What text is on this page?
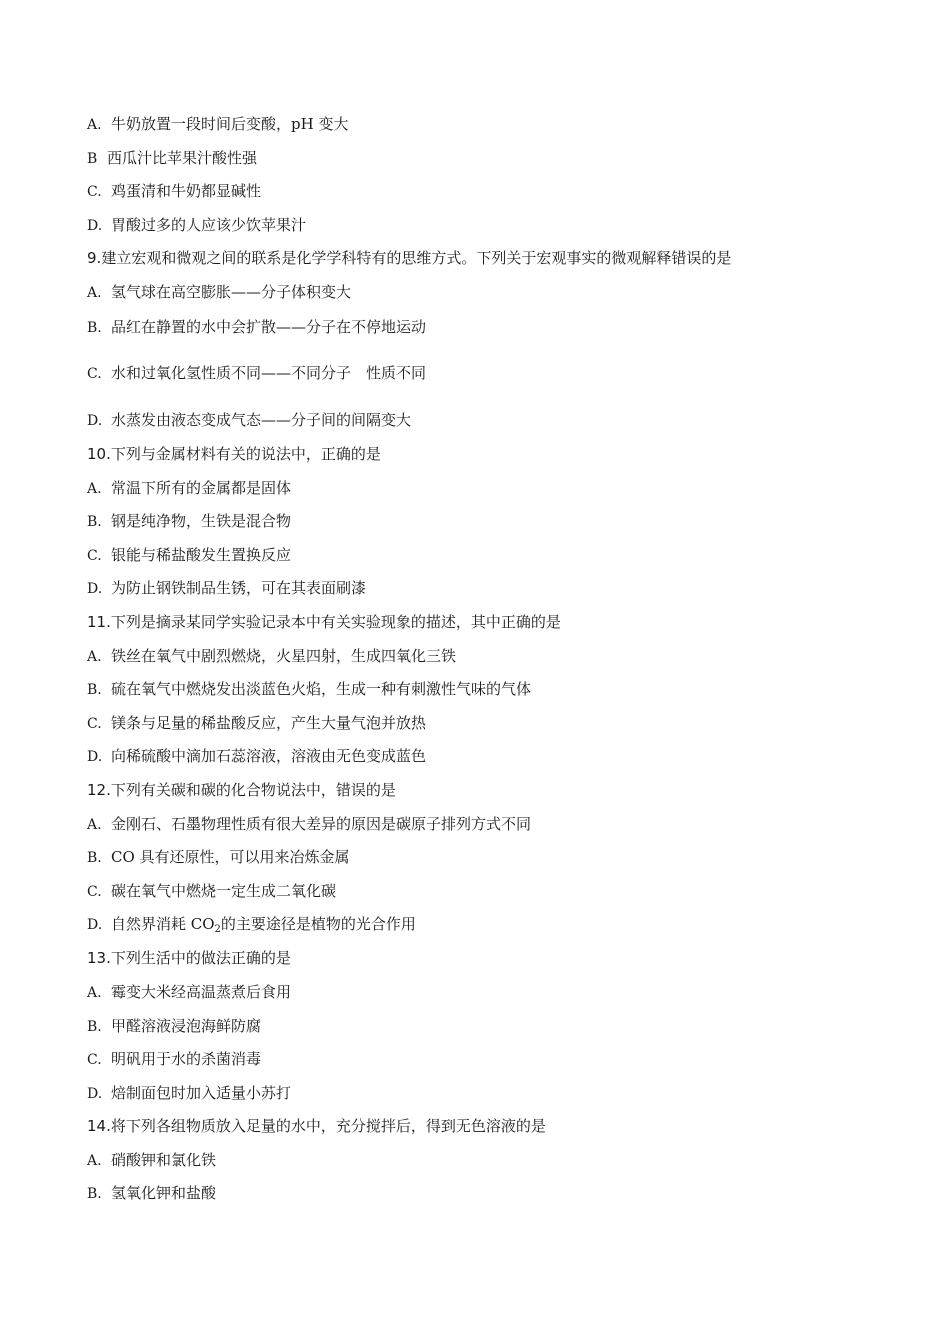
A. 牛奶放置一段时间后变酸，pH 变大
B 西瓜汁比苹果汁酸性强
C. 鸡蛋清和牛奶都显碱性
D. 胃酸过多的人应该少饮苹果汁
9.建立宏观和微观之间的联系是化学学科特有的思维方式。下列关于宏观事实的微观解释错误的是
A. 氢气球在高空膨胀——分子体积变大
B. 品红在静置的水中会扩散——分子在不停地运动
C. 水和过氧化氢性质不同——不同分子　性质不同
D. 水蒸发由液态变成气态——分子间的间隔变大
10.下列与金属材料有关的说法中，正确的是
A. 常温下所有的金属都是固体
B. 钢是纯净物，生铁是混合物
C. 银能与稀盐酸发生置换反应
D. 为防止钢铁制品生锈，可在其表面刷漆
11.下列是摘录某同学实验记录本中有关实验现象的描述，其中正确的是
A. 铁丝在氧气中剧烈燃烧，火星四射，生成四氧化三铁
B. 硫在氧气中燃烧发出淡蓝色火焰，生成一种有刺激性气味的气体
C. 镁条与足量的稀盐酸反应，产生大量气泡并放热
D. 向稀硫酸中滴加石蕊溶液，溶液由无色变成蓝色
12.下列有关碳和碳的化合物说法中，错误的是
A. 金刚石、石墨物理性质有很大差异的原因是碳原子排列方式不同
B. CO 具有还原性，可以用来冶炼金属
C. 碳在氧气中燃烧一定生成二氧化碳
D. 自然界消耗 $CO_2$的主要途径是植物的光合作用
13.下列生活中的做法正确的是
A. 霉变大米经高温蒸煮后食用
B. 甲醛溶液浸泡海鲜防腐
C. 明矾用于水的杀菌消毒
D. 焙制面包时加入适量小苏打
14.将下列各组物质放入足量的水中，充分搅拌后，得到无色溶液的是
A. 硝酸钾和氯化铁
B. 氢氧化钾和盐酸
